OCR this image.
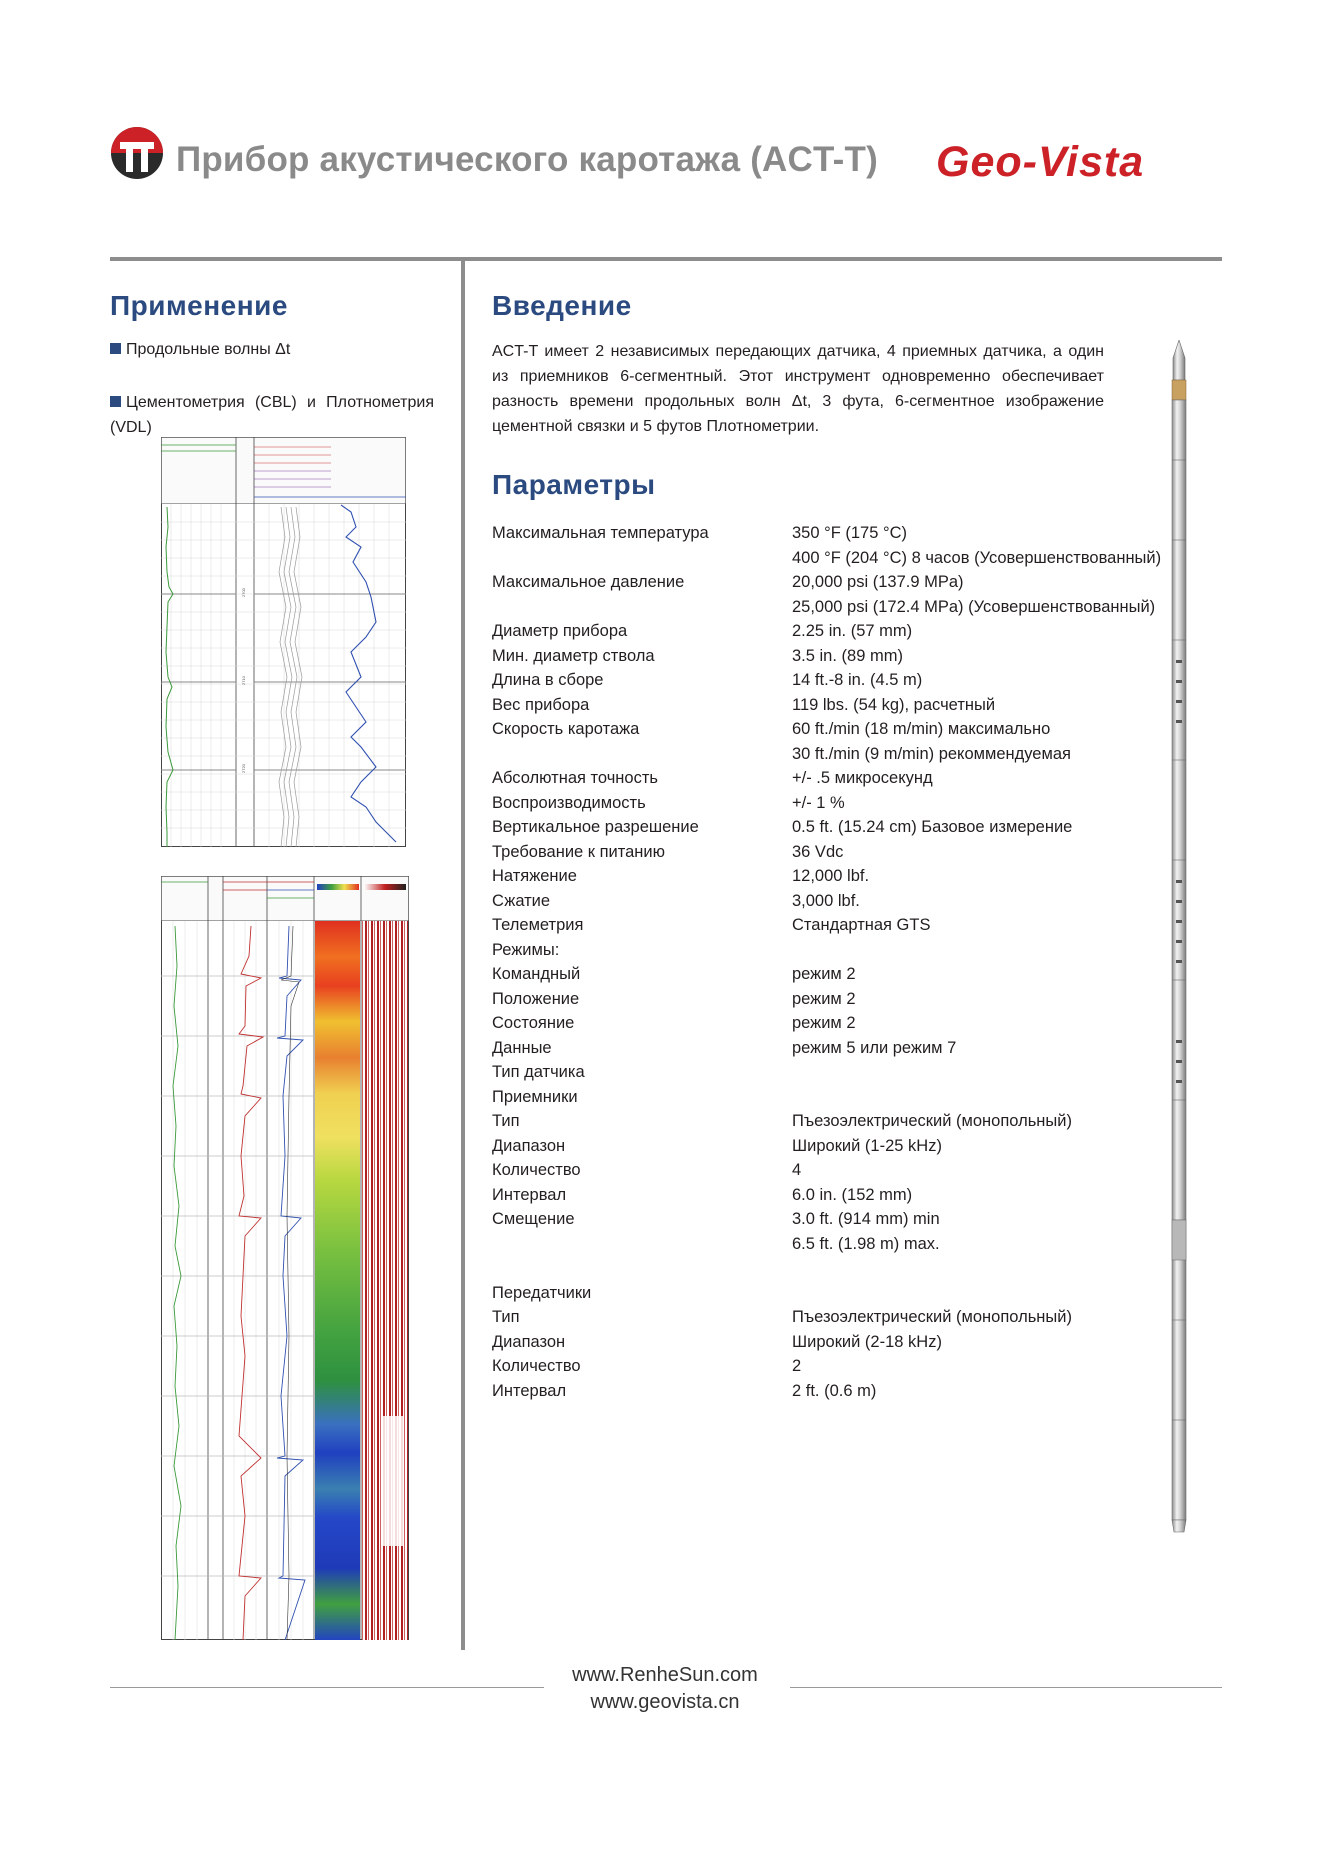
Прибор акустического каротажа (ACT-T) Geo-Vista
Применение
Продольные волны Δt
Цементометрия (CBL) и Плотнометрия (VDL)
2700
2710
2720
Введение
ACT-T имеет 2 независимых передающих датчика, 4 приемных датчика, а один из приемников 6-сегментный. Этот инструмент одновременно обеспечивает разность времени продольных волн Δt, 3 фута, 6-сегментное изображение цементной связки и 5 футов Плотнометрии.
Параметры
Максимальная температура
Максимальное давление
Диаметр прибора
Мин. диаметр ствола
Длина в сборе
Вес прибора
Скорость каротажа
Абсолютная точность
Воспроизводимость
Вертикальное разрешение
Требование к питанию
Натяжение
Сжатие
Телеметрия
Режимы:
Командный
Положение
Состояние
Данные
Тип датчика
Приемники
Тип
Диапазон
Количество
Интервал
Смещение
Передатчики
Тип
Диапазон
Количество
Интервал
350 °F (175 °C)
400 °F (204 °C) 8 часов (Усовершенствованный)
20,000 psi (137.9 MPa)
25,000 psi (172.4 MPa) (Усовершенствованный)
2.25 in. (57 mm)
3.5 in. (89 mm)
14 ft.-8 in. (4.5 m)
119 lbs. (54 kg), расчетный
60 ft./min (18 m/min) максимально
30 ft./min (9 m/min) рекоммендуемая
+/- .5 микросекунд
+/- 1 %
0.5 ft. (15.24 cm) Базовое измерение
36 Vdc
12,000 lbf.
3,000 lbf.
Стандартная GTS
режим 2
режим 2
режим 2
режим 5 или режим 7
Пъезоэлектрический (монопольный)
Широкий (1-25 kHz)
4
6.0 in. (152 mm)
3.0 ft. (914 mm) min
6.5 ft. (1.98 m) max.
Пъезоэлектрический (монопольный)
Широкий (2-18 kHz)
2
2 ft. (0.6 m)
www.RenheSun.com
www.geovista.cn
